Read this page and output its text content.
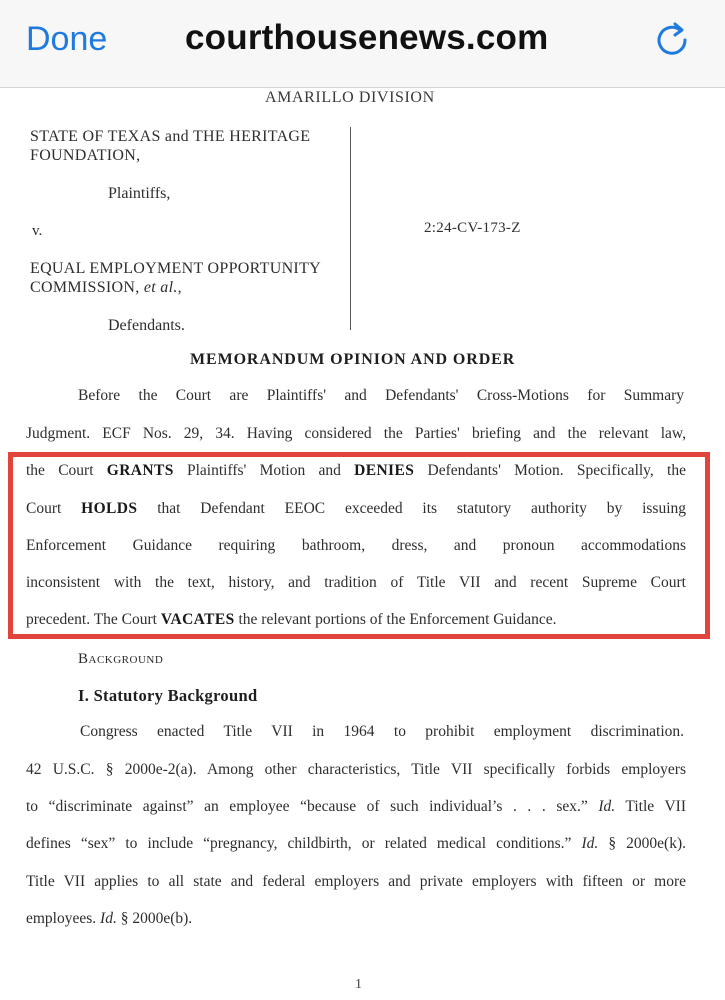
Done courthousenews.com
AMARILLO DIVISION
STATE OF TEXAS and THE HERITAGE FOUNDATION,
Plaintiffs,
v.
EQUAL EMPLOYMENT OPPORTUNITY COMMISSION, et al.,
Defendants.
2:24-CV-173-Z
MEMORANDUM OPINION AND ORDER
Before the Court are Plaintiffs' and Defendants' Cross-Motions for Summary
Judgment. ECF Nos. 29, 34. Having considered the Parties' briefing and the relevant law,
the Court GRANTS Plaintiffs' Motion and DENIES Defendants' Motion. Specifically, the
Court HOLDS that Defendant EEOC exceeded its statutory authority by issuing
Enforcement Guidance requiring bathroom, dress, and pronoun accommodations
inconsistent with the text, history, and tradition of Title VII and recent Supreme Court
precedent. The Court VACATES the relevant portions of the Enforcement Guidance.
Background
I. Statutory Background
Congress enacted Title VII in 1964 to prohibit employment discrimination.
42 U.S.C. § 2000e-2(a). Among other characteristics, Title VII specifically forbids employers
to “discriminate against” an employee “because of such individual’s . . . sex.” Id. Title VII
defines “sex” to include “pregnancy, childbirth, or related medical conditions.” Id. § 2000e(k).
Title VII applies to all state and federal employers and private employers with fifteen or more
employees. Id. § 2000e(b).
1
